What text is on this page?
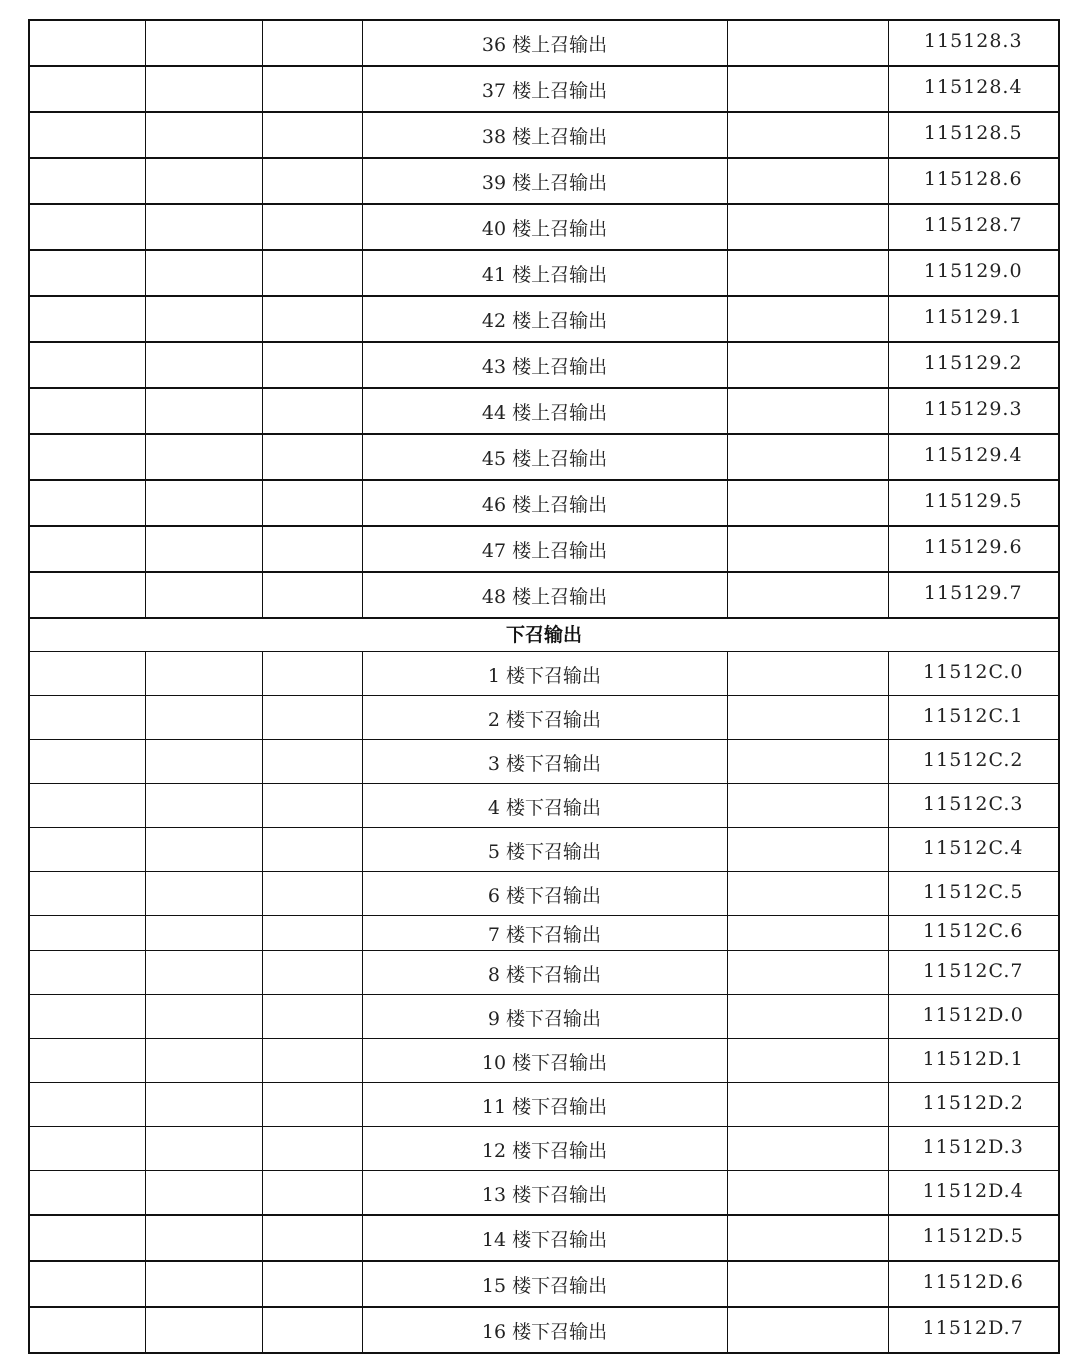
			36 楼上召输出		115128.3
			37 楼上召输出		115128.4
			38 楼上召输出		115128.5
			39 楼上召输出		115128.6
			40 楼上召输出		115128.7
			41 楼上召输出		115129.0
			42 楼上召输出		115129.1
			43 楼上召输出		115129.2
			44 楼上召输出		115129.3
			45 楼上召输出		115129.4
			46 楼上召输出		115129.5
			47 楼上召输出		115129.6
			48 楼上召输出		115129.7
下召输出					
			1 楼下召输出		11512C.0
			2 楼下召输出		11512C.1
			3 楼下召输出		11512C.2
			4 楼下召输出		11512C.3
			5 楼下召输出		11512C.4
			6 楼下召输出		11512C.5
			7 楼下召输出		11512C.6
			8 楼下召输出		11512C.7
			9 楼下召输出		11512D.0
			10 楼下召输出		11512D.1
			11 楼下召输出		11512D.2
			12 楼下召输出		11512D.3
			13 楼下召输出		11512D.4
			14 楼下召输出		11512D.5
			15 楼下召输出		11512D.6
			16 楼下召输出		11512D.7
